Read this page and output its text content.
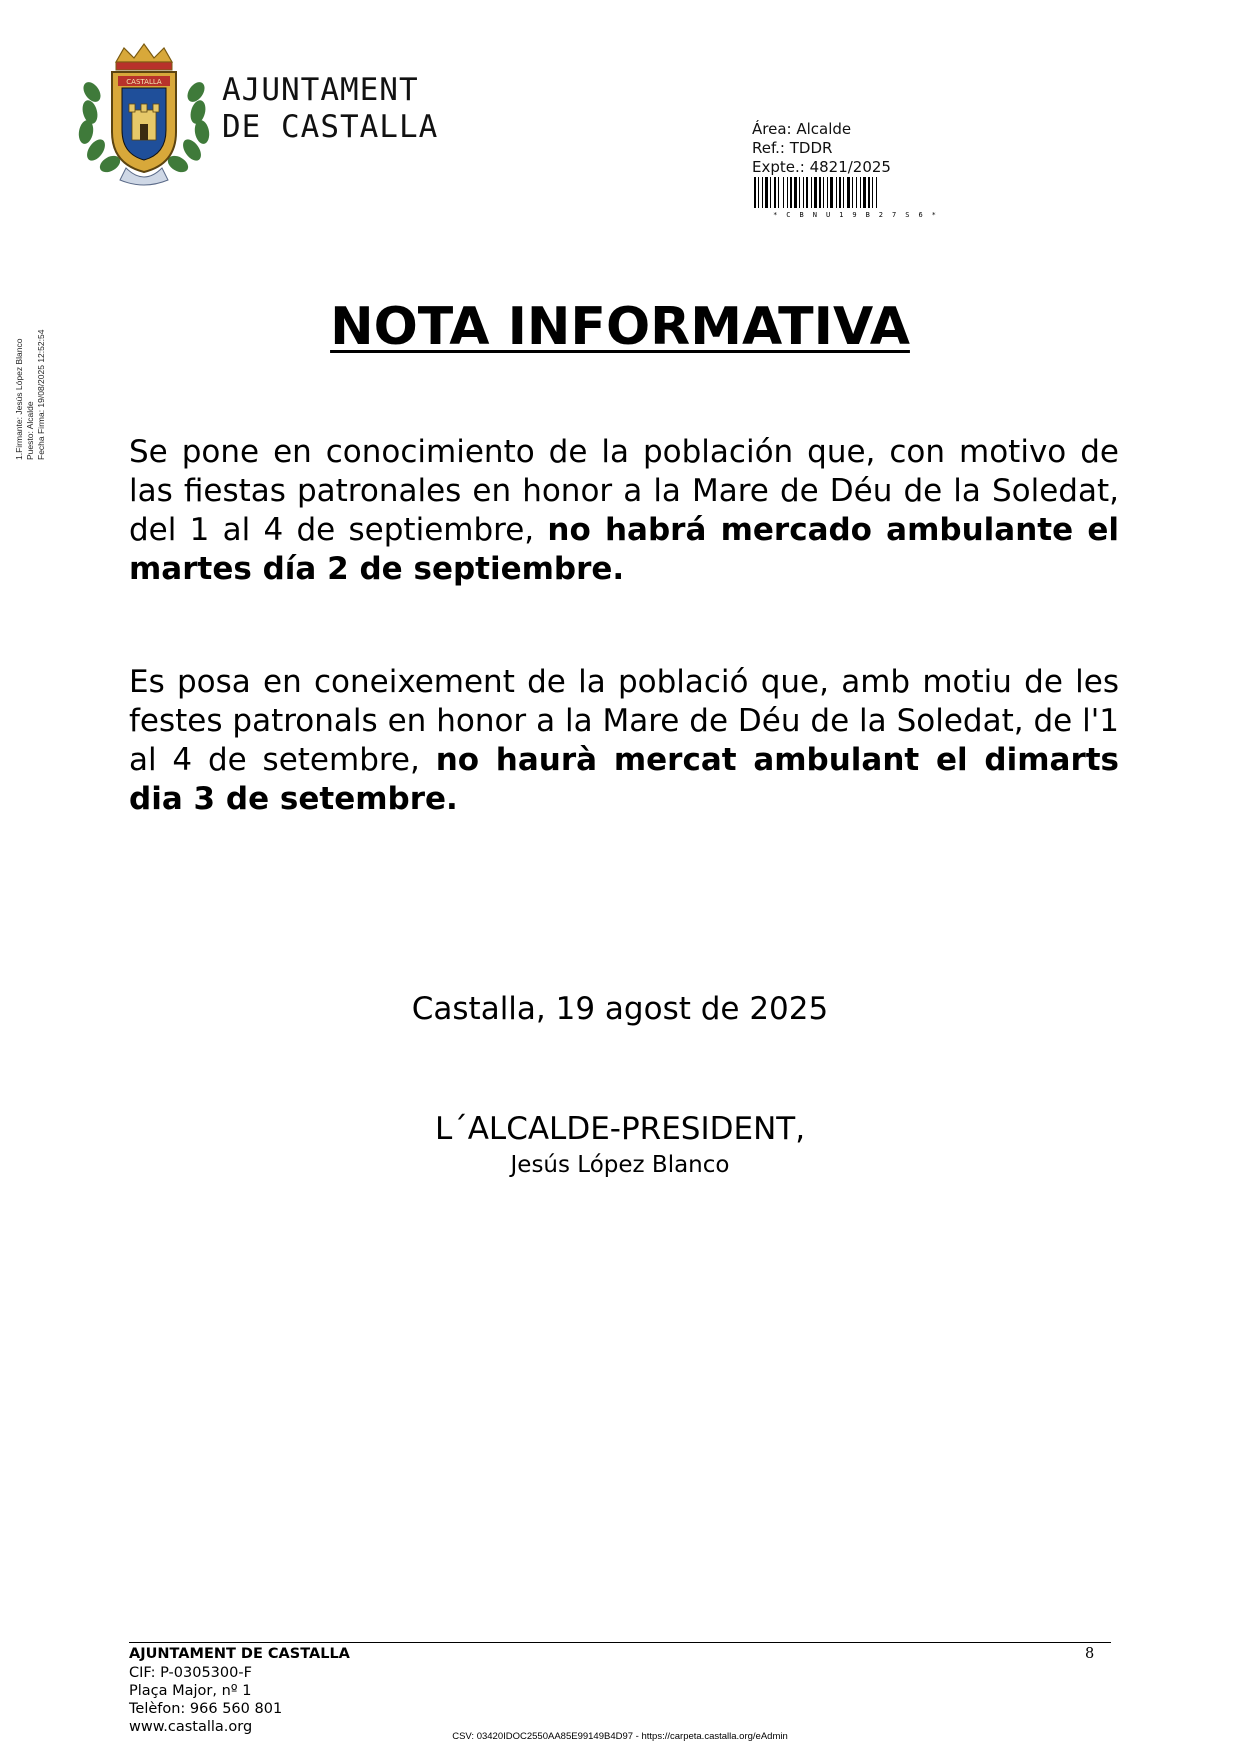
CASTALLA AJUNTAMENT
DE CASTALLA	Área: Alcalde
Ref.: TDDR
Expte.: 4821/2025
*CBNU19B27S6*
1.Firmante: Jesús López Blanco Puesto: Alcalde Fecha Firma: 19/08/2025 12:52:54
NOTA INFORMATIVA

Se pone en conocimiento de la población que, con motivo de las fiestas patronales en honor a la Mare de Déu de la Soledat, del 1 al 4 de septiembre, no habrá mercado ambulante el martes día 2 de septiembre.

Es posa en coneixement de la població que, amb motiu de les festes patronals en honor a la Mare de Déu de la Soledat, de l'1 al 4 de setembre, no haurà mercat ambulant el dimarts dia 3 de setembre.

Castalla, 19 agost de 2025
L´ALCALDE-PRESIDENT,
Jesús López Blanco
AJUNTAMENT DE CASTALLA	8
CIF: P-0305300-F
Plaça Major, nº 1
Telèfon: 966 560 801
www.castalla.org
CSV: 03420IDOC2550AA85E99149B4D97 - https://carpeta.castalla.org/eAdmin
